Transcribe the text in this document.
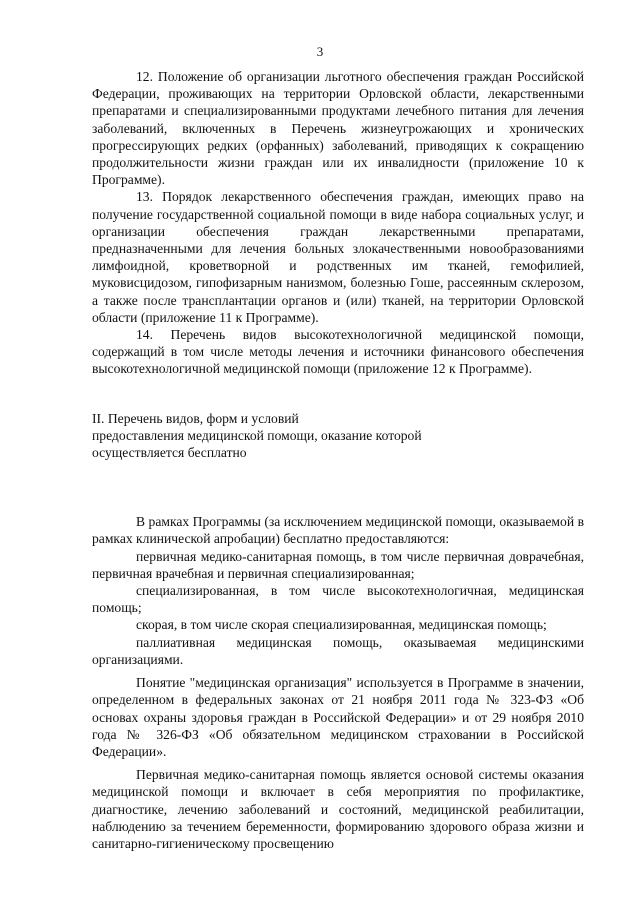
3

12. Положение об организации льготного обеспечения граждан Российской Федерации, проживающих на территории Орловской области, лекарственными препаратами и специализированными продуктами лечебного питания для лечения заболеваний, включенных в Перечень жизнеугрожающих и хронических прогрессирующих редких (орфанных) заболеваний, приводящих к сокращению продолжительности жизни граждан или их инвалидности (приложение 10 к Программе).

13. Порядок лекарственного обеспечения граждан, имеющих право на получение государственной социальной помощи в виде набора социальных услуг, и организации обеспечения граждан лекарственными препаратами, предназначенными для лечения больных злокачественными новообразованиями лимфоидной, кроветворной и родственных им тканей, гемофилией, муковисцидозом, гипофизарным нанизмом, болезнью Гоше, рассеянным склерозом, а также после трансплантации органов и (или) тканей, на территории Орловской области (приложение 11 к Программе).

14. Перечень видов высокотехнологичной медицинской помощи, содержащий в том числе методы лечения и источники финансового обеспечения высокотехнологичной медицинской помощи (приложение 12 к Программе).

II. Перечень видов, форм и условий

предоставления медицинской помощи, оказание которой

осуществляется бесплатно

В рамках Программы (за исключением медицинской помощи, оказываемой в рамках клинической апробации) бесплатно предоставляются:

первичная медико-санитарная помощь, в том числе первичная доврачебная, первичная врачебная и первичная специализированная;

специализированная, в том числе высокотехнологичная, медицинская помощь;

скорая, в том числе скорая специализированная, медицинская помощь;

паллиативная медицинская помощь, оказываемая медицинскими организациями.

Понятие "медицинская организация" используется в Программе в значении, определенном в федеральных законах от 21 ноября 2011 года № 323-ФЗ «Об основах охраны здоровья граждан в Российской Федерации» и от 29 ноября 2010 года № 326-ФЗ «Об обязательном медицинском страховании в Российской Федерации».

Первичная медико-санитарная помощь является основой системы оказания медицинской помощи и включает в себя мероприятия по профилактике, диагностике, лечению заболеваний и состояний, медицинской реабилитации, наблюдению за течением беременности, формированию здорового образа жизни и санитарно-гигиеническому просвещению
